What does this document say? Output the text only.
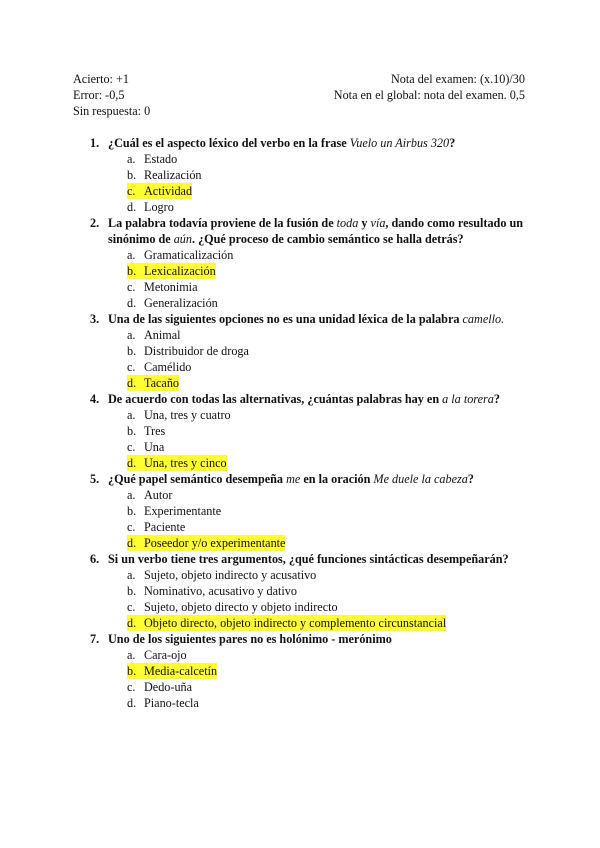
Acierto: +1
Error: -0,5
Sin respuesta: 0
Nota del examen: (x.10)/30
Nota en el global: nota del examen. 0,5
1. ¿Cuál es el aspecto léxico del verbo en la frase Vuelo un Airbus 320?
a. Estado
b. Realización
c. Actividad
d. Logro
2. La palabra todavía proviene de la fusión de toda y vía, dando como resultado un sinónimo de aún. ¿Qué proceso de cambio semántico se halla detrás?
a. Gramaticalización
b. Lexicalización
c. Metonimia
d. Generalización
3. Una de las siguientes opciones no es una unidad léxica de la palabra camello.
a. Animal
b. Distribuidor de droga
c. Camélido
d. Tacaño
4. De acuerdo con todas las alternativas, ¿cuántas palabras hay en a la torera?
a. Una, tres y cuatro
b. Tres
c. Una
d. Una, tres y cinco
5. ¿Qué papel semántico desempeña me en la oración Me duele la cabeza?
a. Autor
b. Experimentante
c. Paciente
d. Poseedor y/o experimentante
6. Si un verbo tiene tres argumentos, ¿qué funciones sintácticas desempeñarán?
a. Sujeto, objeto indirecto y acusativo
b. Nominativo, acusativo y dativo
c. Sujeto, objeto directo y objeto indirecto
d. Objeto directo, objeto indirecto y complemento circunstancial
7. Uno de los siguientes pares no es holónimo - merónimo
a. Cara-ojo
b. Media-calcetín
c. Dedo-uña
d. Piano-tecla
